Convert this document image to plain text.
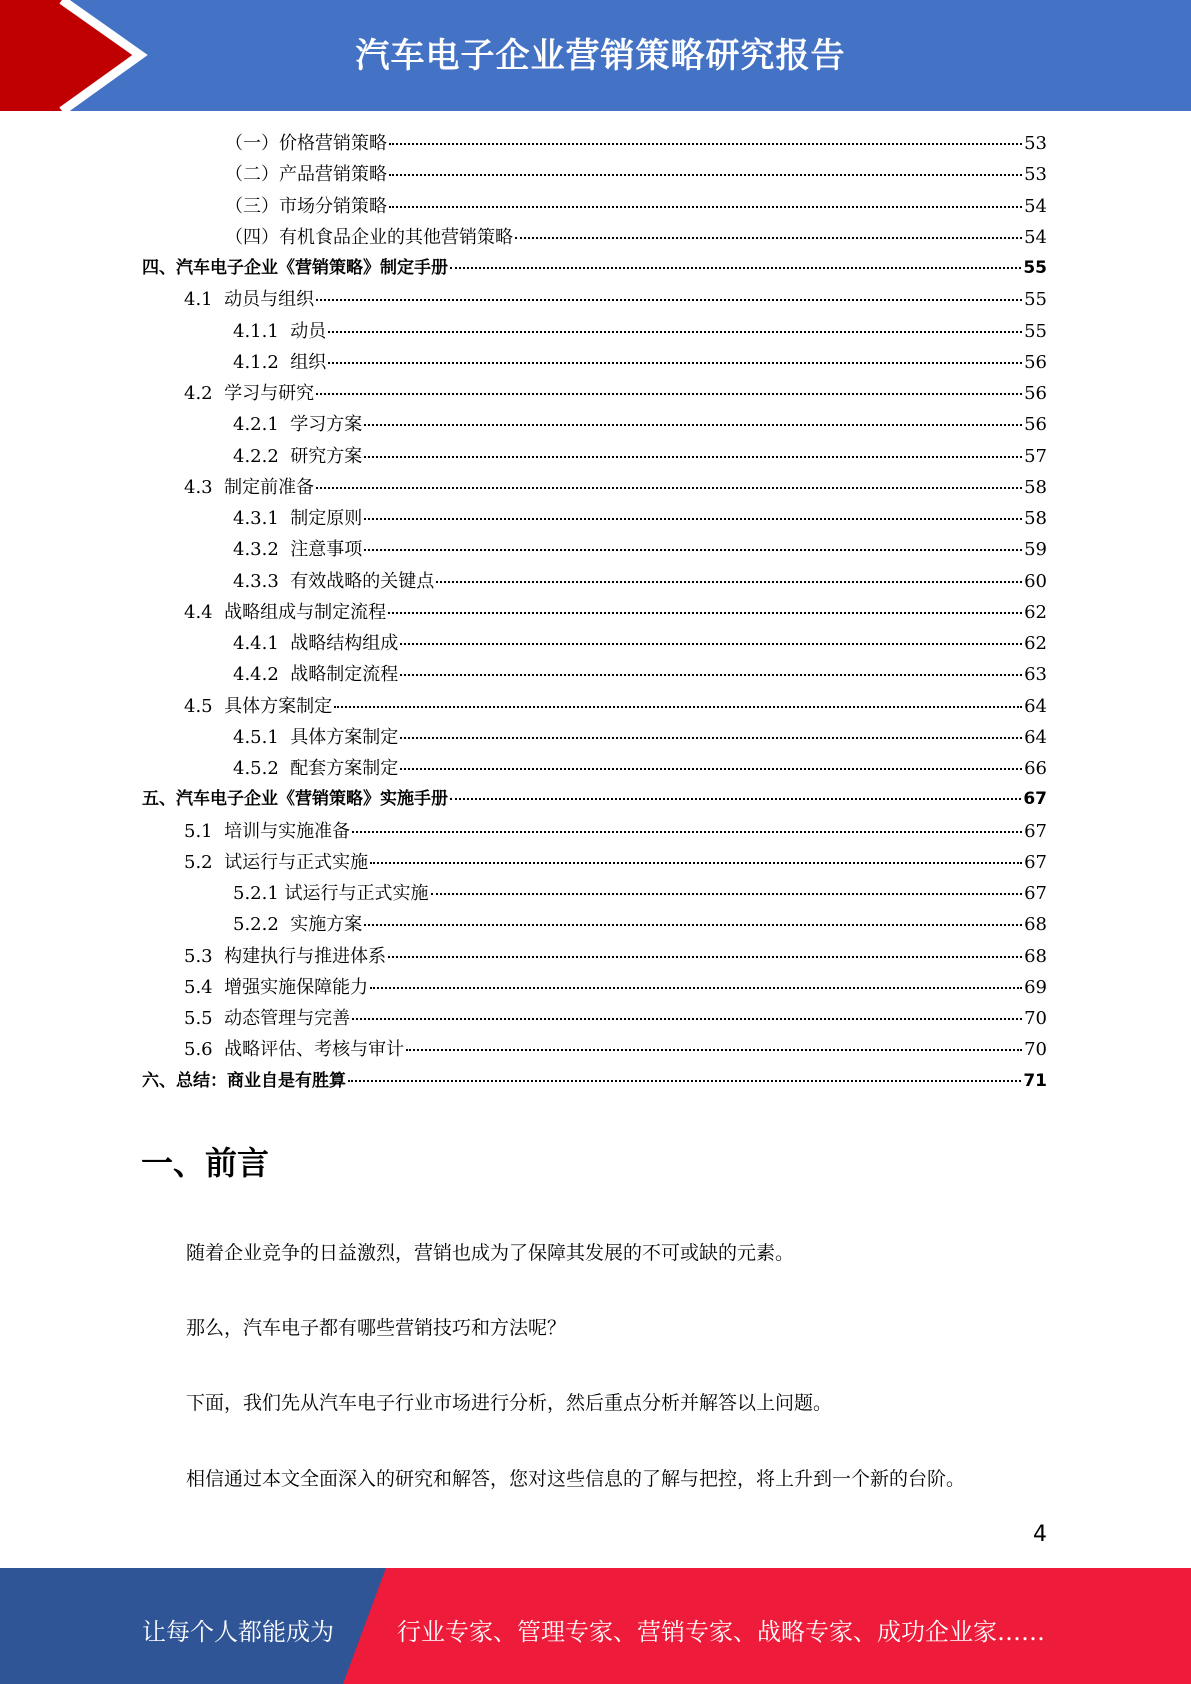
汽车电子企业营销策略研究报告
（一）价格营销策略	53
（二）产品营销策略	53
（三）市场分销策略	54
（四）有机食品企业的其他营销策略	54
四、汽车电子企业《营销策略》制定手册	55
4.1  动员与组织	55
4.1.1  动员	55
4.1.2  组织	56
4.2  学习与研究	56
4.2.1  学习方案	56
4.2.2  研究方案	57
4.3  制定前准备	58
4.3.1  制定原则	58
4.3.2  注意事项	59
4.3.3  有效战略的关键点	60
4.4  战略组成与制定流程	62
4.4.1  战略结构组成	62
4.4.2  战略制定流程	63
4.5  具体方案制定	64
4.5.1  具体方案制定	64
4.5.2  配套方案制定	66
五、汽车电子企业《营销策略》实施手册	67
5.1  培训与实施准备	67
5.2  试运行与正式实施	67
5.2.1 试运行与正式实施	67
5.2.2  实施方案	68
5.3  构建执行与推进体系	68
5.4  增强实施保障能力	69
5.5  动态管理与完善	70
5.6  战略评估、考核与审计	70
六、总结：商业自是有胜算	71
一、前言
随着企业竞争的日益激烈，营销也成为了保障其发展的不可或缺的元素。
那么，汽车电子都有哪些营销技巧和方法呢？
下面，我们先从汽车电子行业市场进行分析，然后重点分析并解答以上问题。
相信通过本文全面深入的研究和解答，您对这些信息的了解与把控，将上升到一个新的台阶。
4
让每个人都能成为	行业专家、管理专家、营销专家、战略专家、成功企业家……
